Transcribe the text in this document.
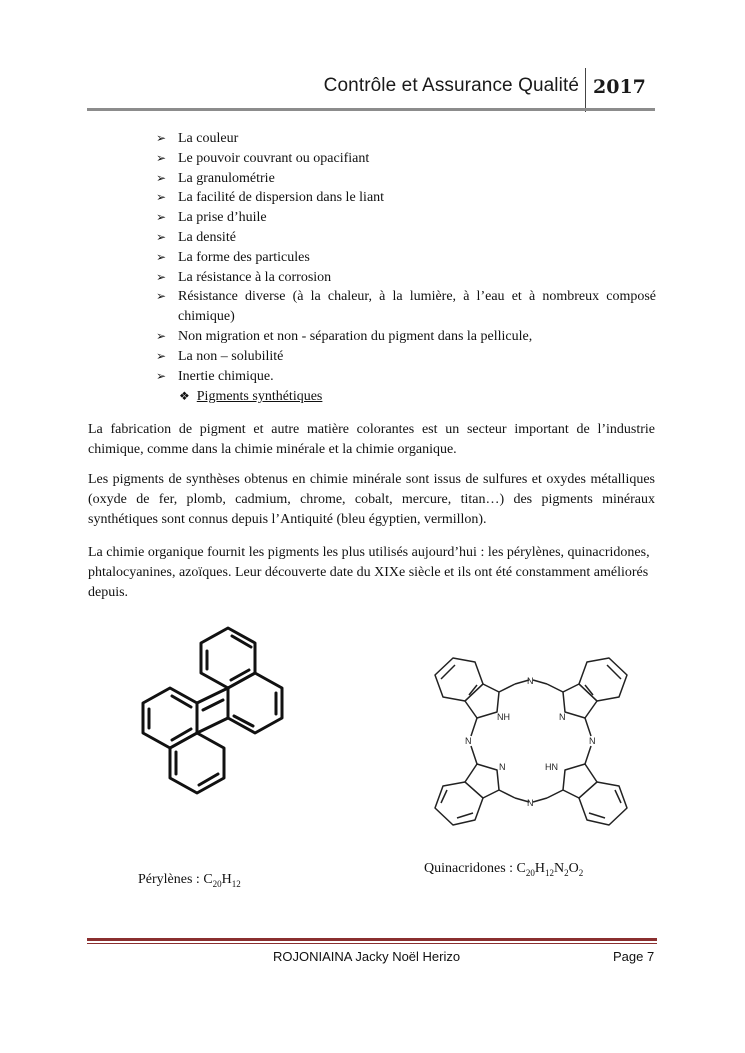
Contrôle et Assurance Qualité 2017
➢ La couleur
➢ Le pouvoir couvrant ou opacifiant
➢ La granulométrie
➢ La facilité de dispersion dans le liant
➢ La prise d’huile
➢ La densité
➢ La forme des particules
➢ La résistance à la corrosion
➢ Résistance diverse (à la chaleur, à la lumière, à l’eau et à nombreux composé chimique)
➢ Non migration et non - séparation du pigment dans la pellicule,
➢ La non – solubilité
➢ Inertie chimique.
❖ Pigments synthétiques

La fabrication de pigment et autre matière colorantes est un secteur important de l’industrie chimique, comme dans la chimie minérale et la chimie organique.

Les pigments de synthèses obtenus en chimie minérale sont issus de sulfures et oxydes métalliques (oxyde de fer, plomb, cadmium, chrome, cobalt, mercure, titan…) des pigments minéraux synthétiques sont connus depuis l’Antiquité (bleu égyptien, vermillon).

La chimie organique fournit les pigments les plus utilisés aujourd’hui : les pérylènes, quinacridones, phtalocyanines, azoïques. Leur découverte date du XIXe siècle et ils ont été constamment améliorés depuis.

Pérylènes : $C_{20}H_{12}$
N
NH	N
N	N
N	HN
N
Quinacridones : $C_{20}H_{12}N_2O_2$
ROJONIAINA Jacky Noël Herizo	Page 7
